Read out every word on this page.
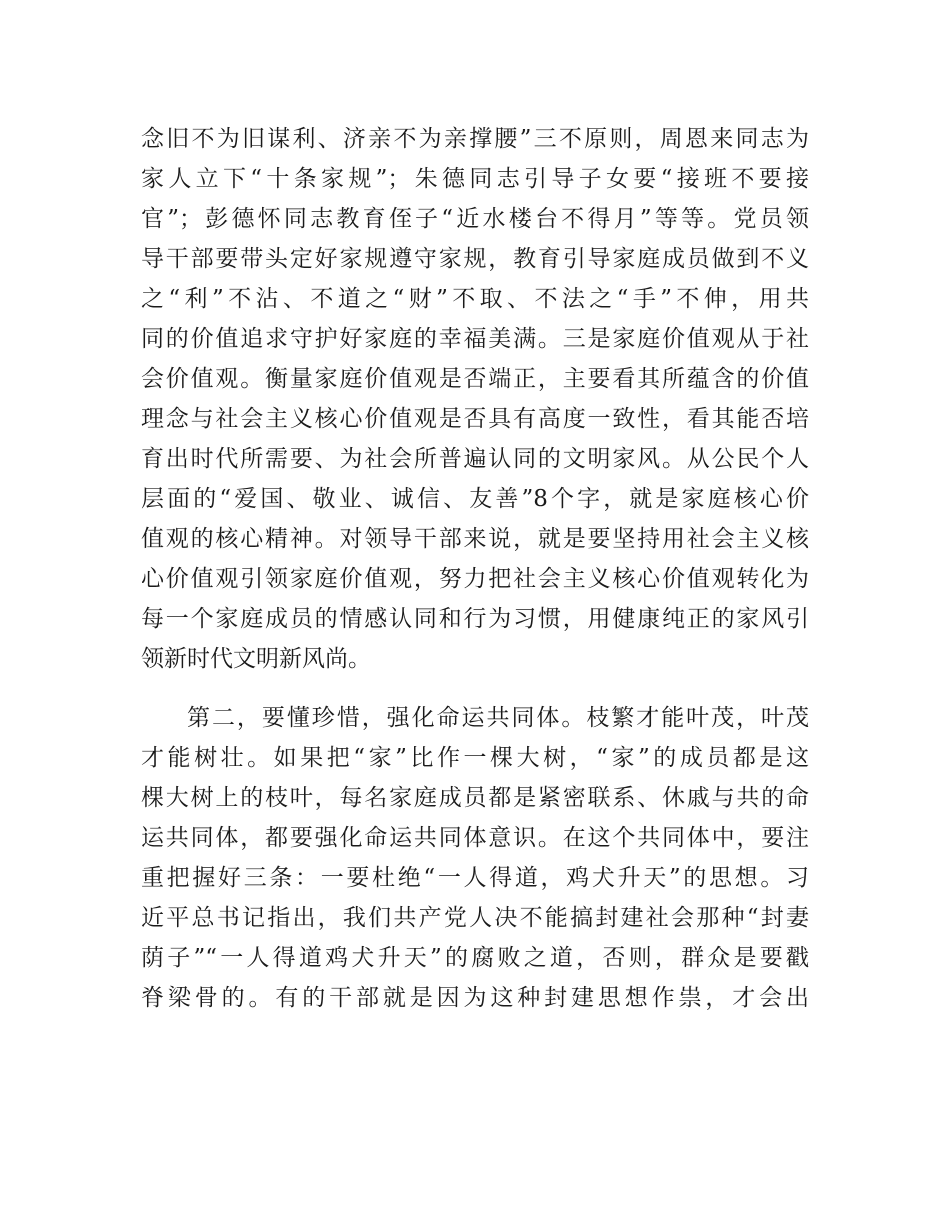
念旧不为旧谋利、济亲不为亲撑腰”三不原则，周恩来同志为
家人立下“十条家规”；朱德同志引导子女要“接班不要接
官”；彭德怀同志教育侄子“近水楼台不得月”等等。党员领
导干部要带头定好家规遵守家规，教育引导家庭成员做到不义
之“利”不沾、不道之“财”不取、不法之“手”不伸，用共
同的价值追求守护好家庭的幸福美满。三是家庭价值观从于社
会价值观。衡量家庭价值观是否端正，主要看其所蕴含的价值
理念与社会主义核心价值观是否具有高度一致性，看其能否培
育出时代所需要、为社会所普遍认同的文明家风。从公民个人
层面的“爱国、敬业、诚信、友善”8个字，就是家庭核心价
值观的核心精神。对领导干部来说，就是要坚持用社会主义核
心价值观引领家庭价值观，努力把社会主义核心价值观转化为
每一个家庭成员的情感认同和行为习惯，用健康纯正的家风引
领新时代文明新风尚。
第二，要懂珍惜，强化命运共同体。枝繁才能叶茂，叶茂
才能树壮。如果把“家”比作一棵大树，“家”的成员都是这
棵大树上的枝叶，每名家庭成员都是紧密联系、休戚与共的命
运共同体，都要强化命运共同体意识。在这个共同体中，要注
重把握好三条：一要杜绝“一人得道，鸡犬升天”的思想。习
近平总书记指出，我们共产党人决不能搞封建社会那种“封妻
荫子”“一人得道鸡犬升天”的腐败之道，否则，群众是要戳
脊梁骨的。有的干部就是因为这种封建思想作祟，才会出
